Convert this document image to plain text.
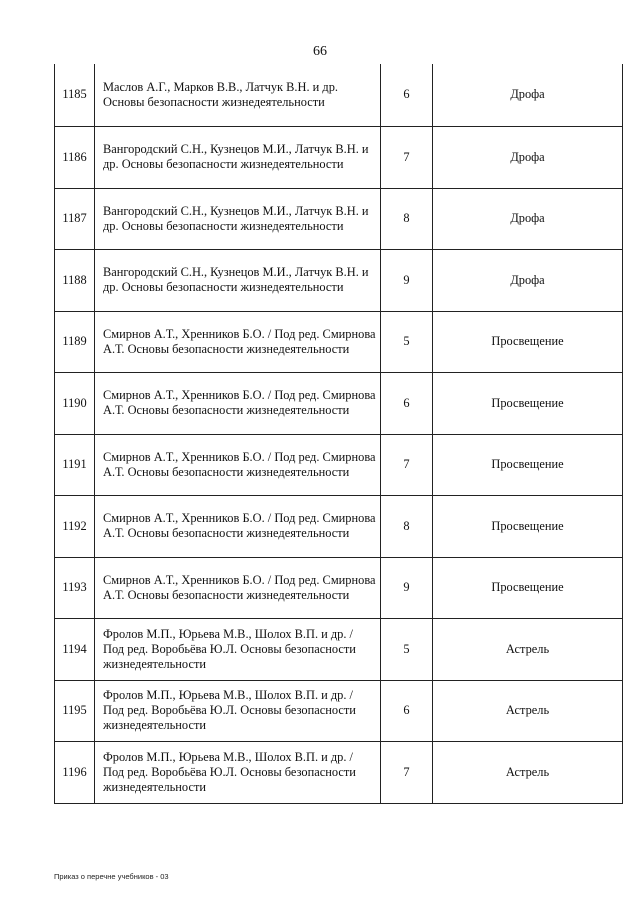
66
1185	Маслов А.Г., Марков В.В., Латчук В.Н. и др. Основы безопасности жизнедеятельности	6	Дрофа
1186	Вангородский С.Н., Кузнецов М.И., Латчук В.Н. и др. Основы безопасности жизнедеятельности	7	Дрофа
1187	Вангородский С.Н., Кузнецов М.И., Латчук В.Н. и др. Основы безопасности жизнедеятельности	8	Дрофа
1188	Вангородский С.Н., Кузнецов М.И., Латчук В.Н. и др. Основы безопасности жизнедеятельности	9	Дрофа
1189	Смирнов А.Т., Хренников Б.О. / Под ред. Смирнова А.Т. Основы безопасности жизнедеятельности	5	Просвещение
1190	Смирнов А.Т., Хренников Б.О. / Под ред. Смирнова А.Т. Основы безопасности жизнедеятельности	6	Просвещение
1191	Смирнов А.Т., Хренников Б.О. / Под ред. Смирнова А.Т. Основы безопасности жизнедеятельности	7	Просвещение
1192	Смирнов А.Т., Хренников Б.О. / Под ред. Смирнова А.Т. Основы безопасности жизнедеятельности	8	Просвещение
1193	Смирнов А.Т., Хренников Б.О. / Под ред. Смирнова А.Т. Основы безопасности жизнедеятельности	9	Просвещение
1194	Фролов М.П., Юрьева М.В., Шолох В.П. и др. / Под ред. Воробьёва Ю.Л. Основы безопасности жизнедеятельности	5	Астрель
1195	Фролов М.П., Юрьева М.В., Шолох В.П. и др. / Под ред. Воробьёва Ю.Л. Основы безопасности жизнедеятельности	6	Астрель
1196	Фролов М.П., Юрьева М.В., Шолох В.П. и др. / Под ред. Воробьёва Ю.Л. Основы безопасности жизнедеятельности	7	Астрель
Приказ о перечне учебников - 03
